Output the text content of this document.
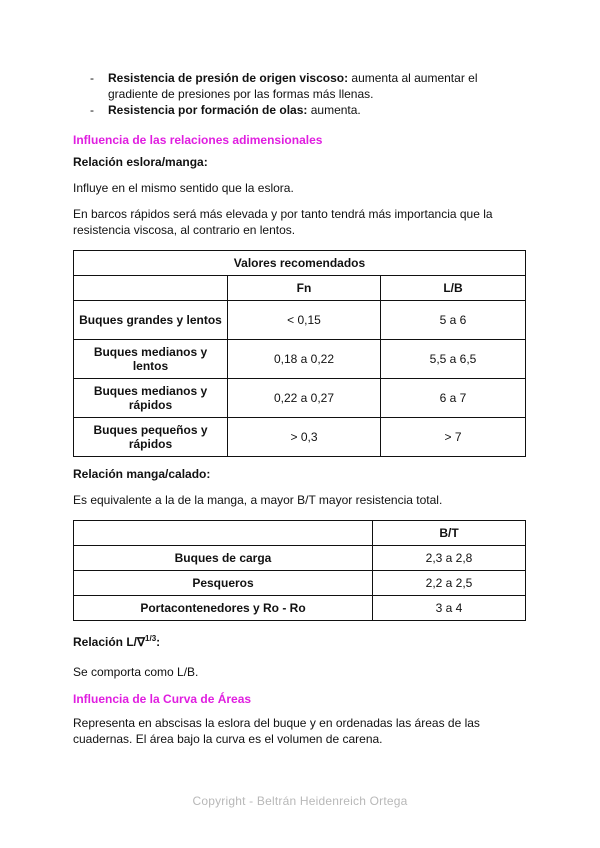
- Resistencia de presión de origen viscoso: aumenta al aumentar el gradiente de presiones por las formas más llenas.
- Resistencia por formación de olas: aumenta.
Influencia de las relaciones adimensionales
Relación eslora/manga:
Influye en el mismo sentido que la eslora.
En barcos rápidos será más elevada y por tanto tendrá más importancia que la resistencia viscosa, al contrario en lentos.
Valores recomendados		
	Fn	L/B
Buques grandes y lentos	< 0,15	5 a 6
Buques medianos y lentos	0,18 a 0,22	5,5 a 6,5
Buques medianos y rápidos	0,22 a 0,27	6 a 7
Buques pequeños y rápidos	> 0,3	> 7
Relación manga/calado:
Es equivalente a la de la manga, a mayor B/T mayor resistencia total.
	B/T
Buques de carga	2,3 a 2,8
Pesqueros	2,2 a 2,5
Portacontenedores y Ro - Ro	3 a 4
Relación L/∇$^{1/3}$:
Se comporta como L/B.
Influencia de la Curva de Áreas
Representa en abscisas la eslora del buque y en ordenadas las áreas de las cuadernas. El área bajo la curva es el volumen de carena.
Copyright - Beltrán Heidenreich Ortega
